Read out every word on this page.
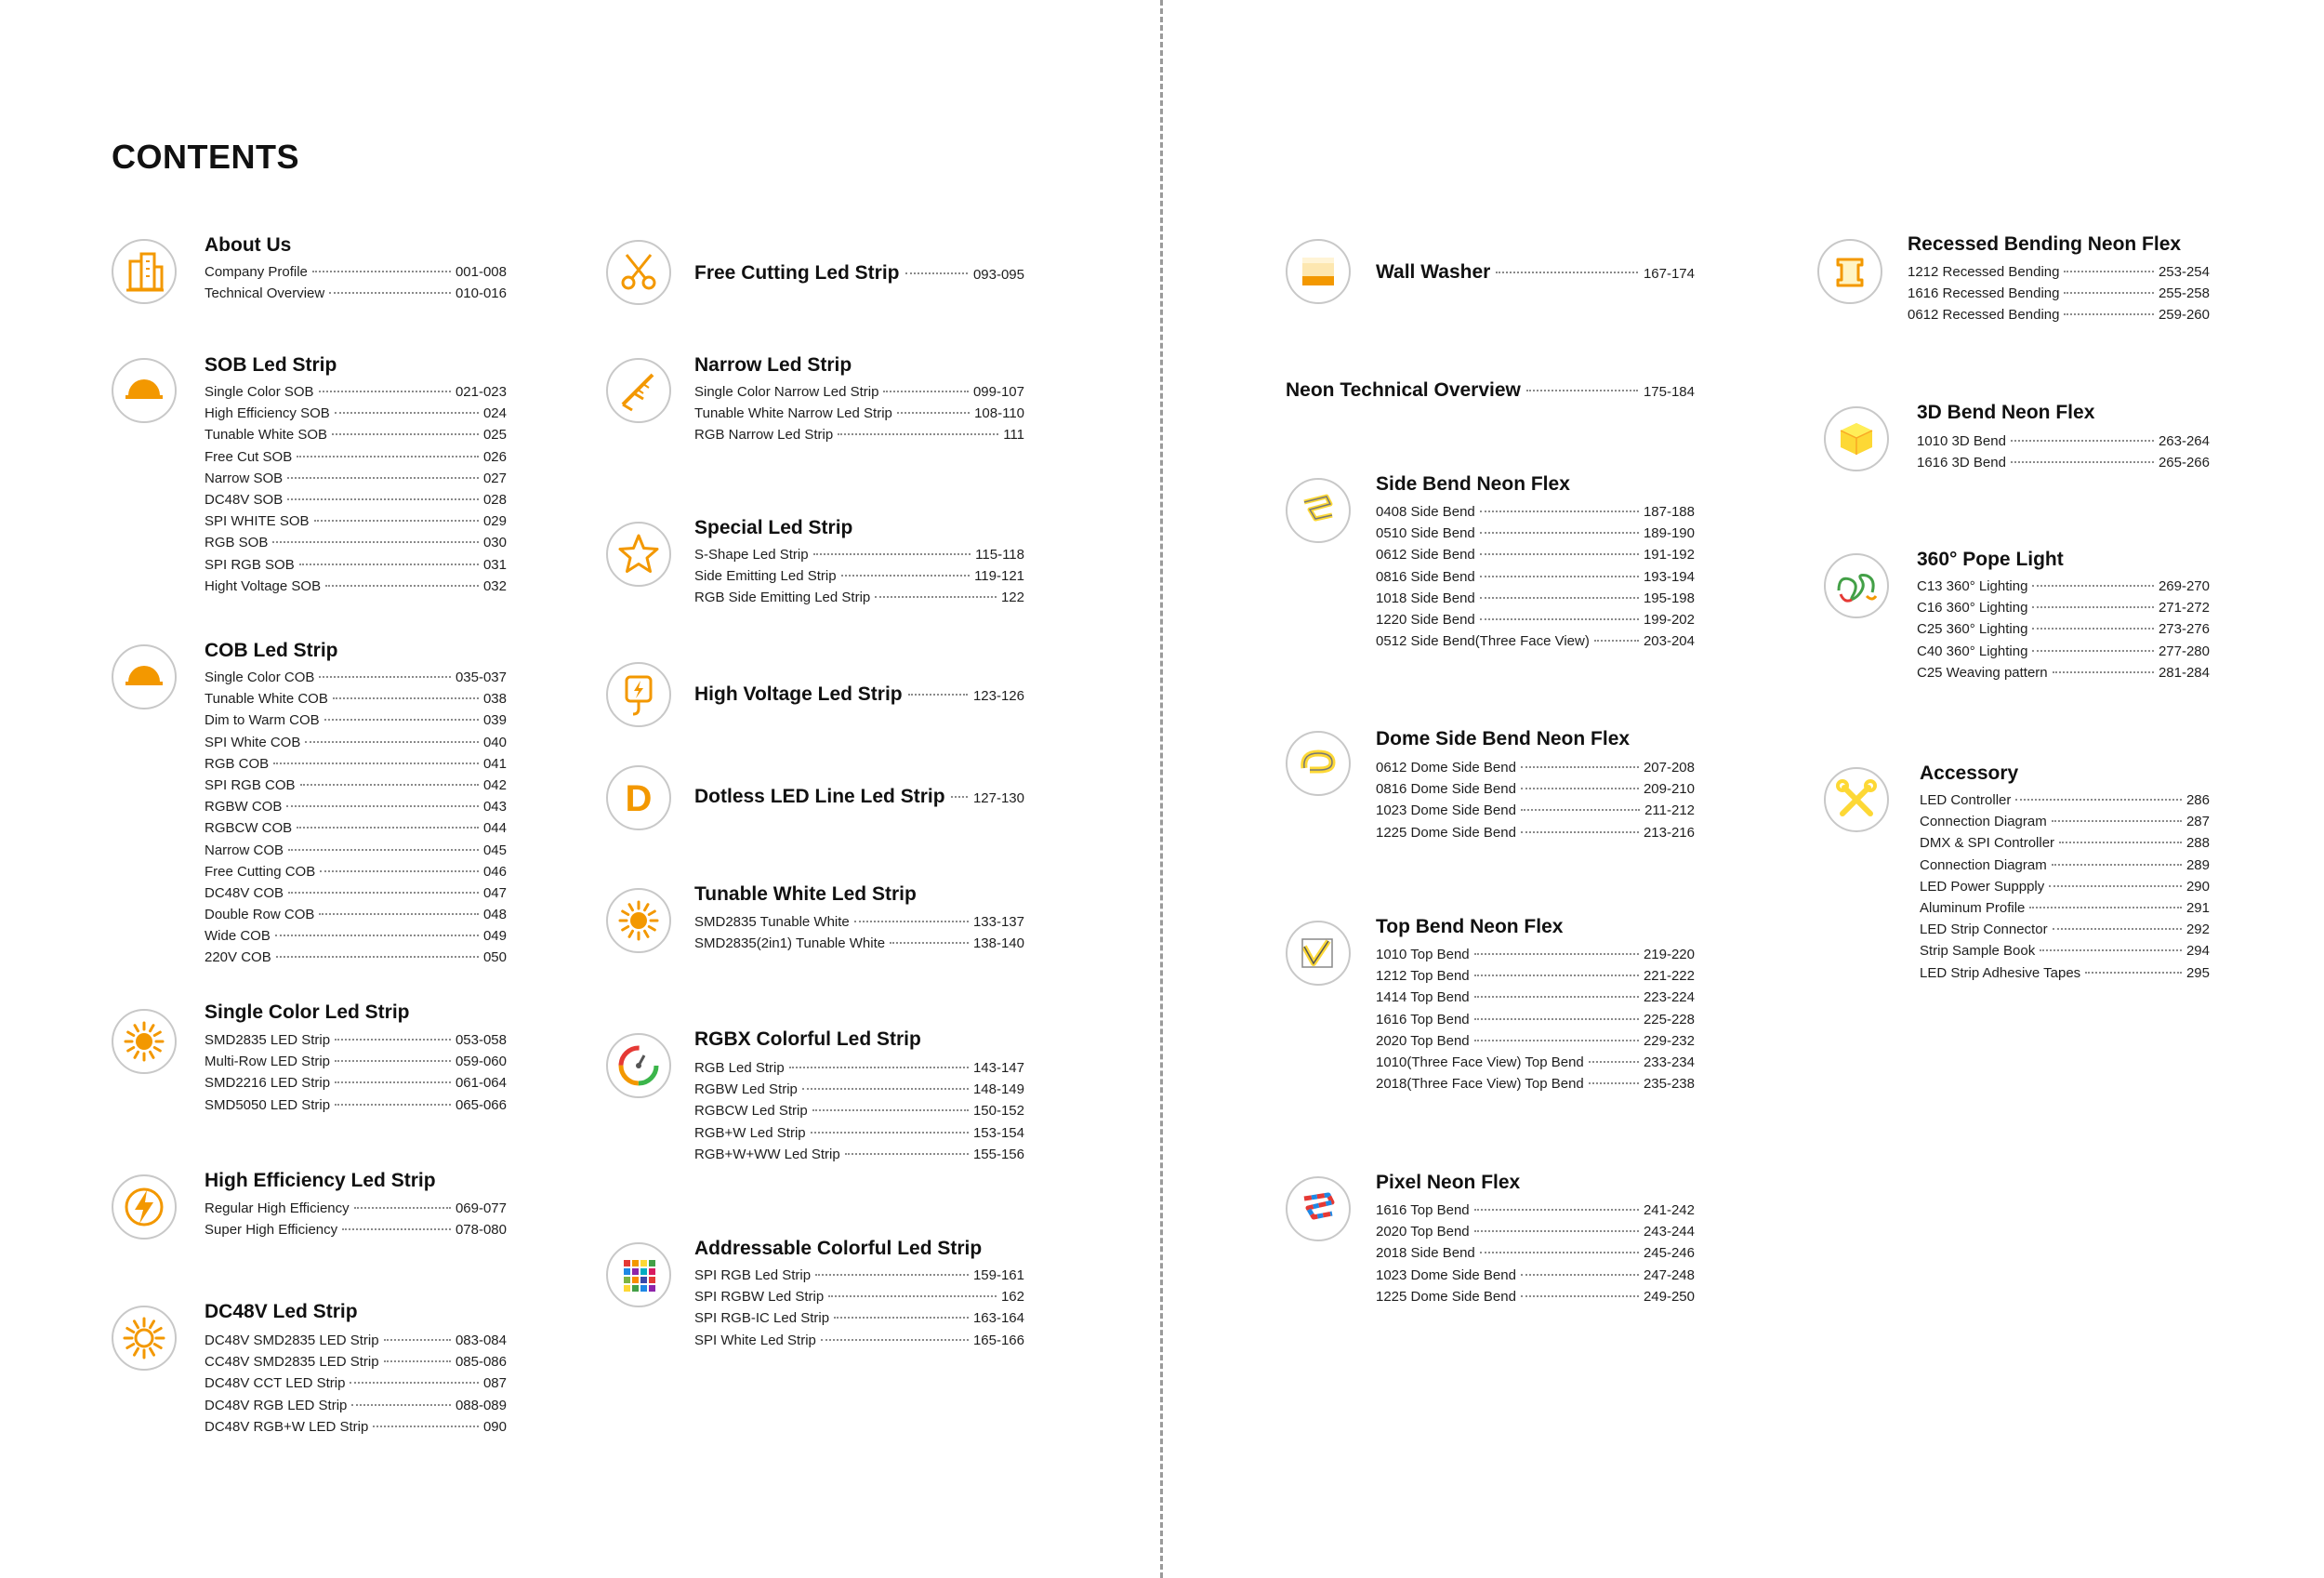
CONTENTS
About Us
Company Profile	001-008
Technical Overview	010-016
SOB Led Strip
Single Color SOB	021-023
High Efficiency SOB	024
Tunable White SOB	025
Free Cut SOB	026
Narrow SOB	027
DC48V SOB	028
SPI WHITE SOB	029
RGB SOB	030
SPI RGB SOB	031
Hight Voltage SOB	032
COB Led Strip
Single Color COB	035-037
Tunable White COB	038
Dim to Warm COB	039
SPI White COB	040
RGB COB	041
SPI RGB COB	042
RGBW COB	043
RGBCW COB	044
Narrow COB	045
Free Cutting COB	046
DC48V COB	047
Double Row COB	048
Wide COB	049
220V COB	050
Single Color Led Strip
SMD2835 LED Strip	053-058
Multi-Row LED Strip	059-060
SMD2216 LED Strip	061-064
SMD5050 LED Strip	065-066
High Efficiency Led Strip
Regular High Efficiency	069-077
Super High Efficiency	078-080
DC48V Led Strip
DC48V SMD2835 LED Strip	083-084
CC48V SMD2835 LED Strip	085-086
DC48V CCT LED Strip	087
DC48V RGB LED Strip	088-089
DC48V RGB+W LED Strip	090
Free Cutting Led Strip	093-095
Narrow Led Strip
Single Color Narrow Led Strip	099-107
Tunable White Narrow Led Strip	108-110
RGB Narrow Led Strip	111
Special Led Strip
S-Shape Led Strip	115-118
Side Emitting Led Strip	119-121
RGB Side Emitting Led Strip	122
High Voltage Led Strip	123-126
D Dotless LED Line Led Strip 127-130
Tunable White Led Strip
SMD2835 Tunable White	133-137
SMD2835(2in1) Tunable White	138-140
RGBX Colorful Led Strip
RGB Led Strip	143-147
RGBW Led Strip	148-149
RGBCW Led Strip	150-152
RGB+W Led Strip	153-154
RGB+W+WW Led Strip	155-156
Addressable Colorful Led Strip
SPI RGB Led Strip	159-161
SPI RGBW Led Strip	162
SPI RGB-IC Led Strip	163-164
SPI White Led Strip	165-166
Wall Washer	167-174
Neon Technical Overview	175-184
Side Bend Neon Flex
0408 Side Bend	187-188
0510 Side Bend	189-190
0612 Side Bend	191-192
0816 Side Bend	193-194
1018 Side Bend	195-198
1220 Side Bend	199-202
0512 Side Bend(Three Face View)	203-204
Dome Side Bend Neon Flex
0612 Dome Side Bend	207-208
0816 Dome Side Bend	209-210
1023 Dome Side Bend	211-212
1225 Dome Side Bend	213-216
Top Bend Neon Flex
1010 Top Bend	219-220
1212 Top Bend	221-222
1414 Top Bend	223-224
1616 Top Bend	225-228
2020 Top Bend	229-232
1010(Three Face View) Top Bend	233-234
2018(Three Face View) Top Bend	235-238
Pixel Neon Flex
1616 Top Bend	241-242
2020 Top Bend	243-244
2018 Side Bend	245-246
1023 Dome Side Bend	247-248
1225 Dome Side Bend	249-250
Recessed Bending Neon Flex
1212 Recessed Bending	253-254
1616 Recessed Bending	255-258
0612 Recessed Bending	259-260
3D Bend Neon Flex
1010 3D Bend	263-264
1616 3D Bend	265-266
360° Pope Light
C13 360° Lighting	269-270
C16 360° Lighting	271-272
C25 360° Lighting	273-276
C40 360° Lighting	277-280
C25 Weaving pattern	281-284
Accessory
LED Controller	286
Connection Diagram	287
DMX & SPI Controller	288
Connection Diagram	289
LED Power Suppply	290
Aluminum Profile	291
LED Strip Connector	292
Strip Sample Book	294
LED Strip Adhesive Tapes	295
